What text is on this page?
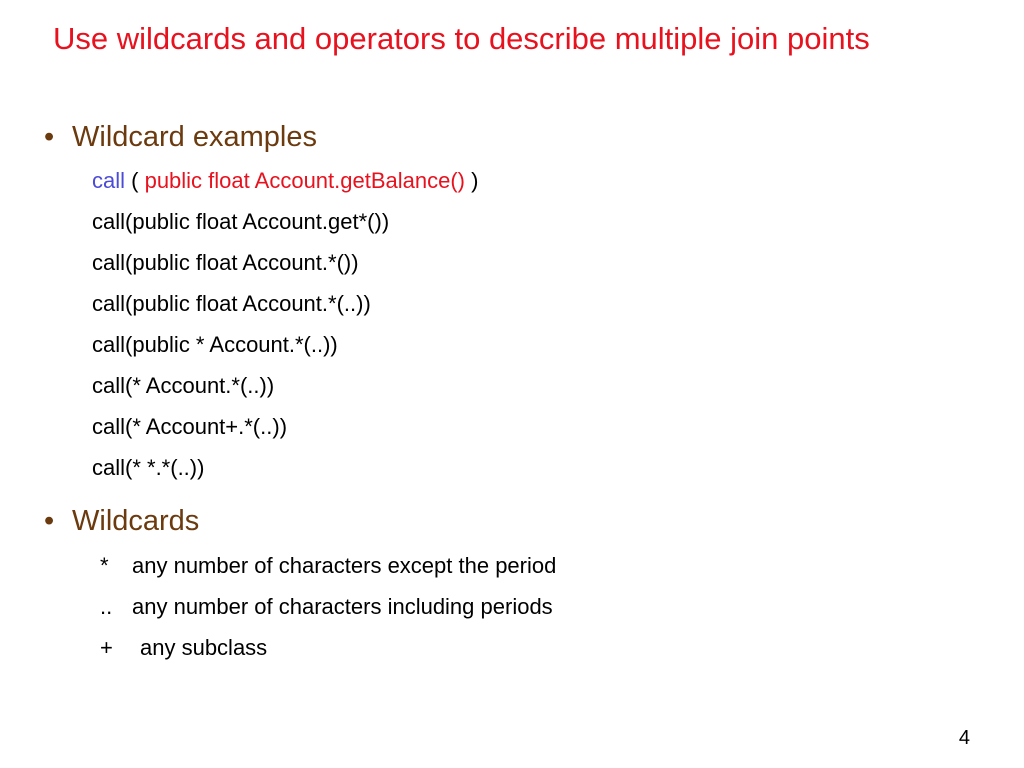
Use wildcards and operators to describe multiple join points
• Wildcard examples
call ( public float Account.getBalance() )
call(public float Account.get*())
call(public float Account.*())
call(public float Account.*(..))
call(public * Account.*(..))
call(* Account.*(..))
call(* Account+.*(..))
call(* *.*(..))
• Wildcards
* any number of characters except the period
.. any number of characters including periods
+ any subclass
4
